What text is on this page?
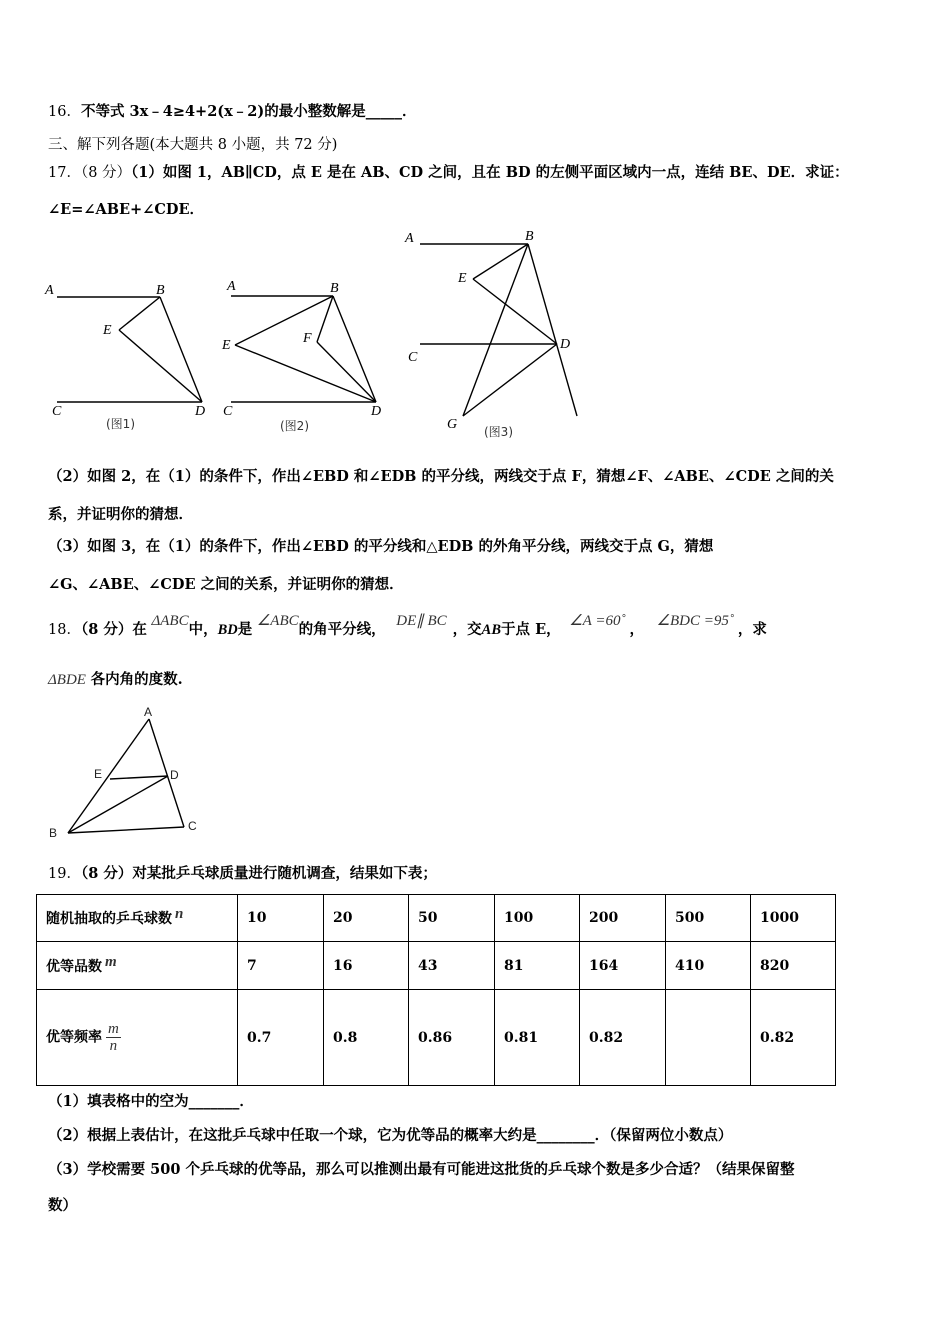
16．不等式 3x﹣4≥4+2(x﹣2)的最小整数解是_____．
三、解下列各题(本大题共 8 小题，共 72 分)
17．（8 分）（1）如图 1，AB∥CD，点 E 是在 AB、CD 之间，且在 BD 的左侧平面区域内一点，连结 BE、DE．求证：
∠E=∠ABE+∠CDE．
A	B
C	D
E
(图1)
A	B
C	D
E	F
(图2)
A	B
C
D
E
G (图3)
（2）如图 2，在（1）的条件下，作出∠EBD 和∠EDB 的平分线，两线交于点 F，猜想∠F、∠ABE、∠CDE 之间的关
系，并证明你的猜想．
（3）如图 3，在（1）的条件下，作出∠EBD 的平分线和△EDB 的外角平分线，两线交于点 G，猜想
∠G、∠ABE、∠CDE 之间的关系，并证明你的猜想．
18．（8 分）在 ΔABC中，BD是 ∠ABC的角平分线， DE∥ BC ，交AB于点 E， ∠A =60˚ ， ∠BDC =95˚ ，求
ΔBDE 各内角的度数.
A
B	C
D
E
19．（8 分）对某批乒乓球质量进行随机调查，结果如下表；
随机抽取的乒乓球数 n	10	20	50	100	200	500	1000
优等品数 m	7	16	43	81	164	410	820
优等频率 $\frac{m}{n}$	0.7	0.8	0.86	0.81	0.82		0.82
（1）填表格中的空为_______．
（2）根据上表估计，在这批乒乓球中任取一个球，它为优等品的概率大约是________．（保留两位小数点）
（3）学校需要 500 个乒乓球的优等品，那么可以推测出最有可能进这批货的乒乓球个数是多少合适？（结果保留整
数）
